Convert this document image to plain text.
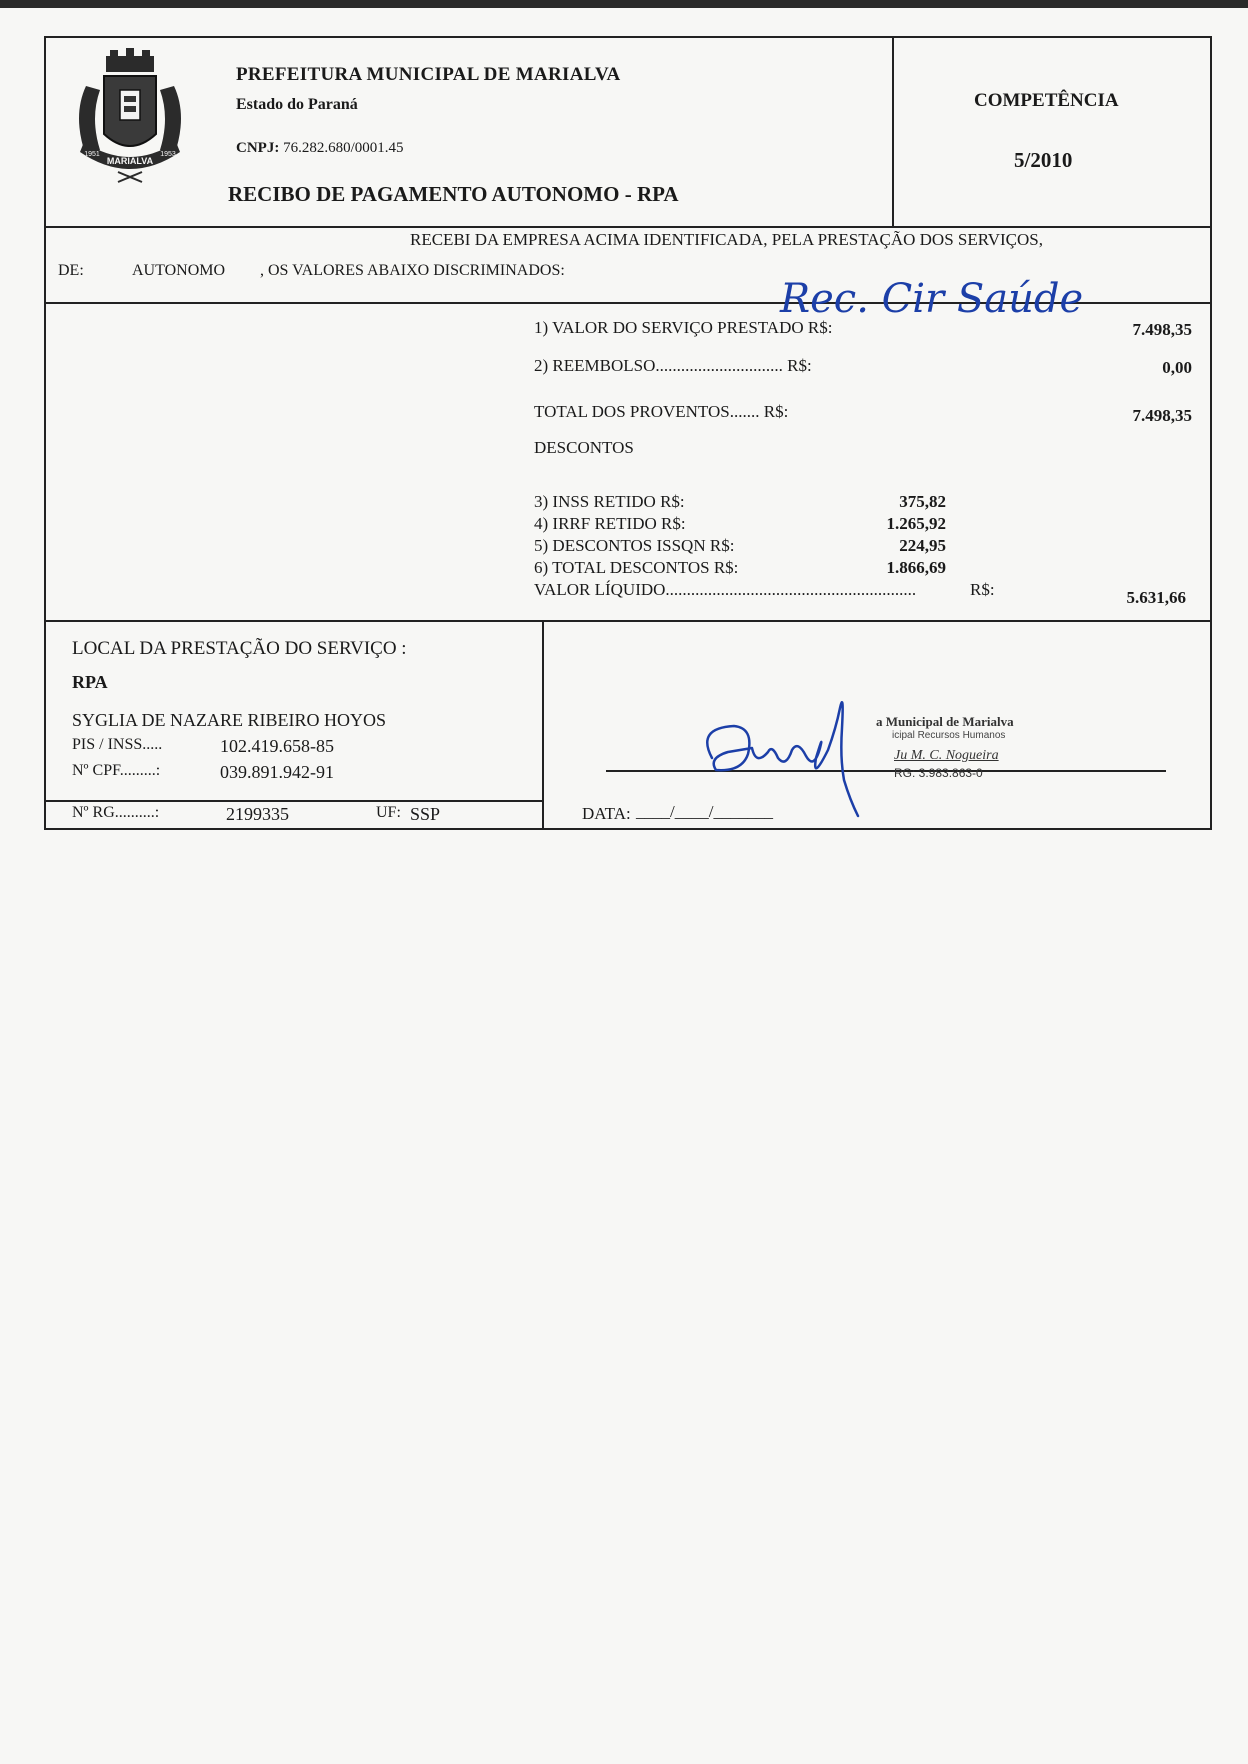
MARIALVA
1951	1953
PREFEITURA MUNICIPAL DE MARIALVA
Estado do Paraná
CNPJ: 76.282.680/0001.45
RECIBO DE PAGAMENTO AUTONOMO - RPA
COMPETÊNCIA
5/2010
RECEBI DA EMPRESA ACIMA IDENTIFICADA, PELA PRESTAÇÃO DOS SERVIÇOS,
DE:	AUTONOMO , OS VALORES ABAIXO DISCRIMINADOS:
Rec. Cir Saúde
1) VALOR DO SERVIÇO PRESTADO R$:	7.498,35
2) REEMBOLSO.............................. R$:	0,00
TOTAL DOS PROVENTOS....... R$:	7.498,35
DESCONTOS
3) INSS RETIDO R$:	375,82
4) IRRF RETIDO R$:	1.265,92
5) DESCONTOS ISSQN R$:	224,95
6) TOTAL DESCONTOS R$:	1.866,69
VALOR LÍQUIDO...........................................................	R$:	5.631,66
LOCAL DA PRESTAÇÃO DO SERVIÇO :
RPA
SYGLIA DE NAZARE RIBEIRO HOYOS
PIS / INSS.....	102.419.658-85
Nº CPF.........:	039.891.942-91
Nº RG..........:	2199335	UF: SSP
a Municipal de Marialva
icipal Recursos Humanos
Ju M. C. Nogueira
RG: 3.983.863-0
DATA: ____/____/_______
